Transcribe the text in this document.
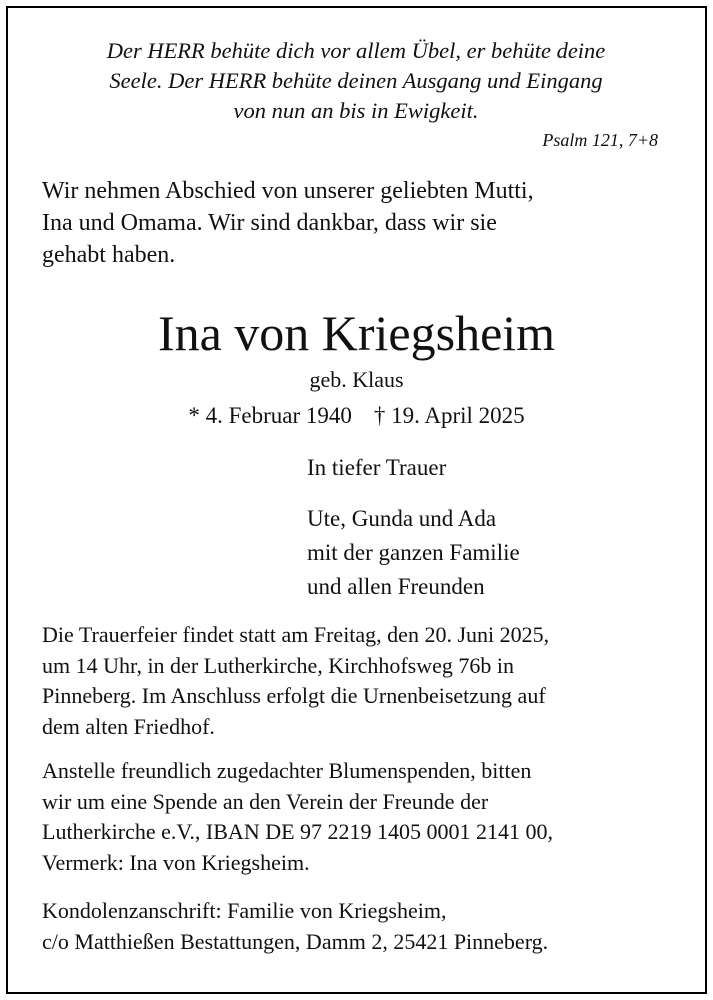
Der HERR behüte dich vor allem Übel, er behüte deine
Seele. Der HERR behüte deinen Ausgang und Eingang
von nun an bis in Ewigkeit.
Psalm 121, 7+8
Wir nehmen Abschied von unserer geliebten Mutti,
Ina und Omama. Wir sind dankbar, dass wir sie
gehabt haben.
Ina von Kriegsheim
geb. Klaus
* 4. Februar 1940 † 19. April 2025
In tiefer Trauer
Ute, Gunda und Ada
mit der ganzen Familie
und allen Freunden
Die Trauerfeier findet statt am Freitag, den 20. Juni 2025,
um 14 Uhr, in der Lutherkirche, Kirchhofsweg 76b in
Pinneberg. Im Anschluss erfolgt die Urnenbeisetzung auf
dem alten Friedhof.
Anstelle freundlich zugedachter Blumenspenden, bitten
wir um eine Spende an den Verein der Freunde der
Lutherkirche e.V., IBAN DE 97 2219 1405 0001 2141 00,
Vermerk: Ina von Kriegsheim.
Kondolenzanschrift: Familie von Kriegsheim,
c/o Matthießen Bestattungen, Damm 2, 25421 Pinneberg.
